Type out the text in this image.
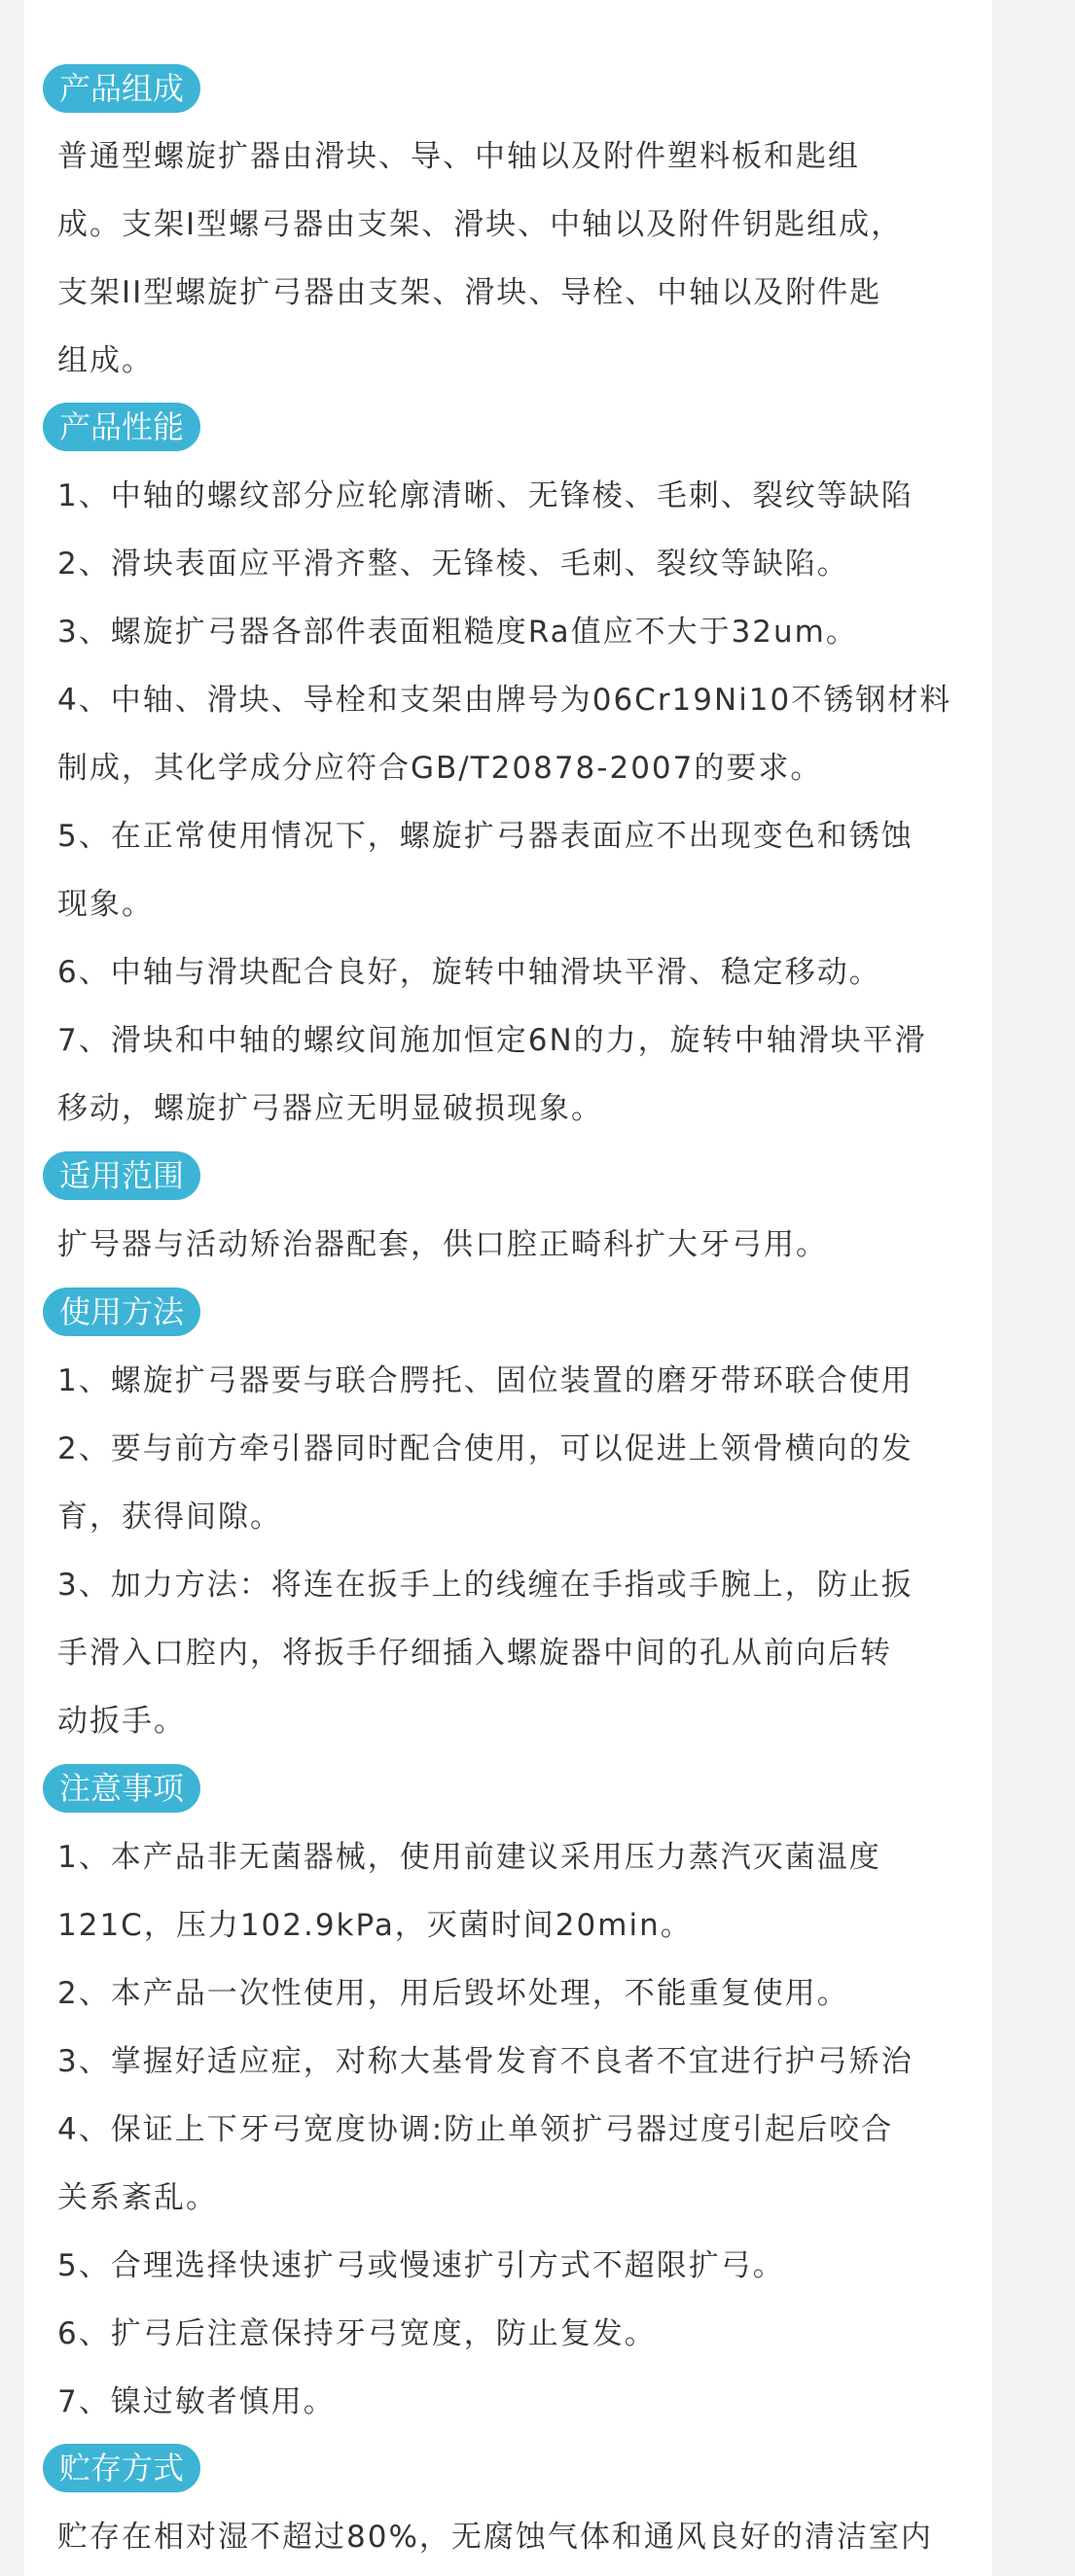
产品组成
普通型螺旋扩器由滑块、导、中轴以及附件塑料板和匙组
成。支架I型螺弓器由支架、滑块、中轴以及附件钥匙组成，
支架II型螺旋扩弓器由支架、滑块、导栓、中轴以及附件匙
组成。
产品性能
1、中轴的螺纹部分应轮廓清晰、无锋棱、毛刺、裂纹等缺陷
2、滑块表面应平滑齐整、无锋棱、毛刺、裂纹等缺陷。
3、螺旋扩弓器各部件表面粗糙度Ra值应不大于32um。
4、中轴、滑块、导栓和支架由牌号为06Cr19Ni10不锈钢材料
制成，其化学成分应符合GB/T20878-2007的要求。
5、在正常使用情况下，螺旋扩弓器表面应不出现变色和锈蚀
现象。
6、中轴与滑块配合良好，旋转中轴滑块平滑、稳定移动。
7、滑块和中轴的螺纹间施加恒定6N的力，旋转中轴滑块平滑
移动，螺旋扩弓器应无明显破损现象。
适用范围
扩号器与活动矫治器配套，供口腔正畸科扩大牙弓用。
使用方法
1、螺旋扩弓器要与联合腭托、固位装置的磨牙带环联合使用
2、要与前方牵引器同时配合使用，可以促进上领骨横向的发
育，获得间隙。
3、加力方法：将连在扳手上的线缠在手指或手腕上，防止扳
手滑入口腔内，将扳手仔细插入螺旋器中间的孔从前向后转
动扳手。
注意事项
1、本产品非无菌器械，使用前建议采用压力蒸汽灭菌温度
121C，压力102.9kPa，灭菌时间20min。
2、本产品一次性使用，用后毁坏处理，不能重复使用。
3、掌握好适应症，对称大基骨发育不良者不宜进行护弓矫治
4、保证上下牙弓宽度协调:防止单领扩弓器过度引起后咬合
关系紊乱。
5、合理选择快速扩弓或慢速扩引方式不超限扩弓。
6、扩弓后注意保持牙弓宽度，防止复发。
7、镍过敏者慎用。
贮存方式
贮存在相对湿不超过80%，无腐蚀气体和通风良好的清洁室内
